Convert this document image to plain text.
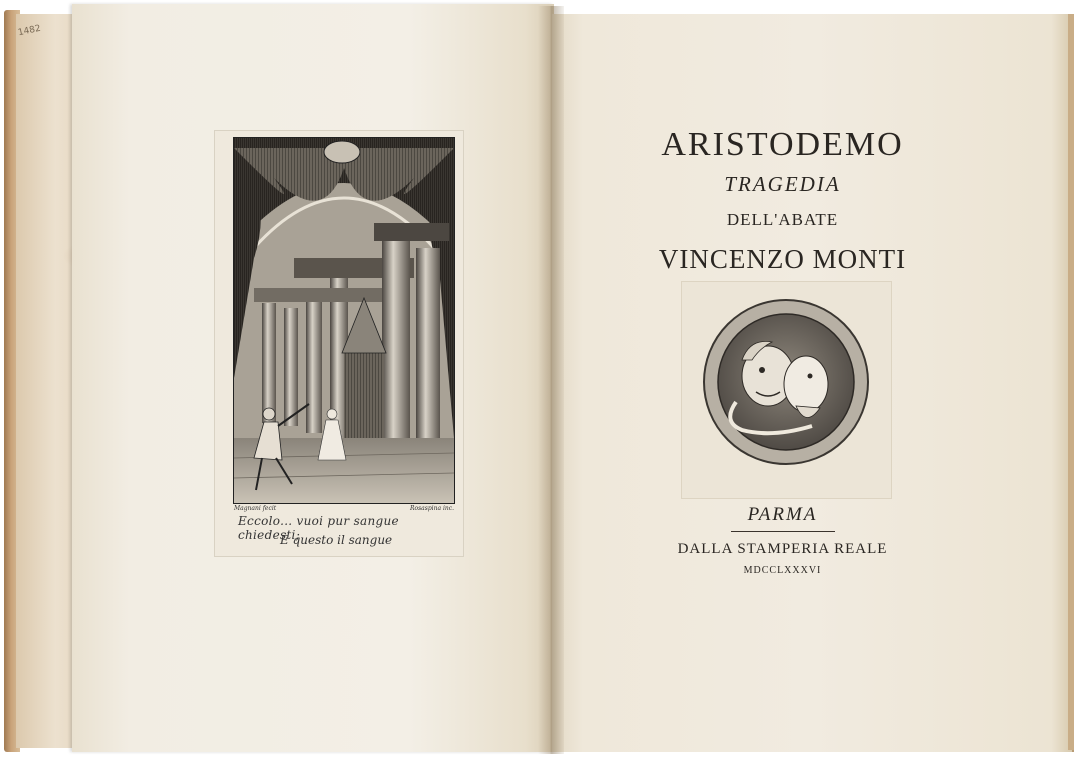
1482
Magnani fecit	Rosaspina inc.
Eccolo... vuoi pur sangue chiedesti;
È questo il sangue
ARISTODEMO
TRAGEDIA
DELL'ABATE
VINCENZO MONTI
PARMA
DALLA STAMPERIA REALE
MDCCLXXXVI
